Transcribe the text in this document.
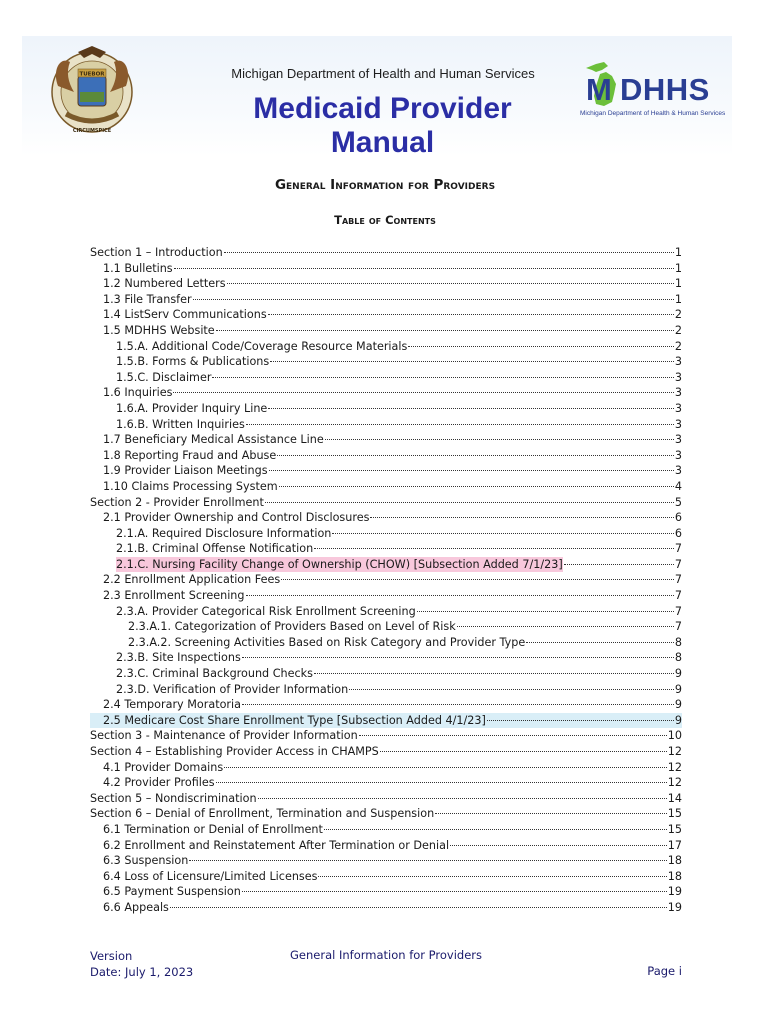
TUEBOR
CIRCUMSPICE
Michigan Department of Health and Human Services
Medicaid Provider Manual
M DHHS
Michigan Department of Health & Human Services
General Information for Providers
Table of Contents
Section 1 – Introduction	1
1.1 Bulletins	1
1.2 Numbered Letters	1
1.3 File Transfer	1
1.4 ListServ Communications	2
1.5 MDHHS Website	2
1.5.A. Additional Code/Coverage Resource Materials	2
1.5.B. Forms & Publications	3
1.5.C. Disclaimer	3
1.6 Inquiries	3
1.6.A. Provider Inquiry Line	3
1.6.B. Written Inquiries	3
1.7 Beneficiary Medical Assistance Line	3
1.8 Reporting Fraud and Abuse	3
1.9 Provider Liaison Meetings	3
1.10 Claims Processing System	4
Section 2 - Provider Enrollment	5
2.1 Provider Ownership and Control Disclosures	6
2.1.A. Required Disclosure Information	6
2.1.B. Criminal Offense Notification	7
2.1.C. Nursing Facility Change of Ownership (CHOW) [Subsection Added 7/1/23]	7
2.2 Enrollment Application Fees	7
2.3 Enrollment Screening	7
2.3.A. Provider Categorical Risk Enrollment Screening	7
2.3.A.1. Categorization of Providers Based on Level of Risk	7
2.3.A.2. Screening Activities Based on Risk Category and Provider Type	8
2.3.B. Site Inspections	8
2.3.C. Criminal Background Checks	9
2.3.D. Verification of Provider Information	9
2.4 Temporary Moratoria	9
2.5 Medicare Cost Share Enrollment Type [Subsection Added 4/1/23]	9
Section 3 - Maintenance of Provider Information	10
Section 4 – Establishing Provider Access in CHAMPS	12
4.1 Provider Domains	12
4.2 Provider Profiles	12
Section 5 – Nondiscrimination	14
Section 6 – Denial of Enrollment, Termination and Suspension	15
6.1 Termination or Denial of Enrollment	15
6.2 Enrollment and Reinstatement After Termination or Denial	17
6.3 Suspension	18
6.4 Loss of Licensure/Limited Licenses	18
6.5 Payment Suspension	19
6.6 Appeals	19
Version
Date: July 1, 2023
General Information for Providers
Page i
